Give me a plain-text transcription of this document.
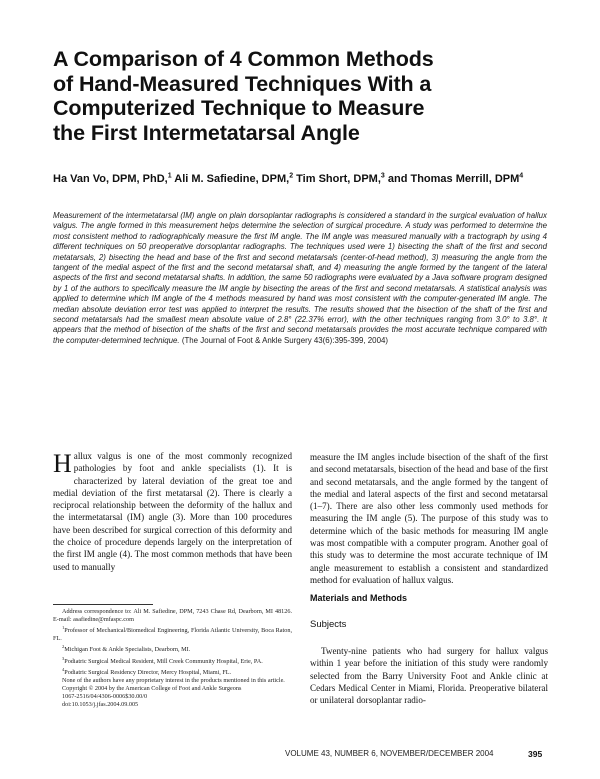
A Comparison of 4 Common Methods
of Hand-Measured Techniques With a
Computerized Technique to Measure
the First Intermetatarsal Angle
Ha Van Vo, DPM, PhD,$^1$ Ali M. Safiedine, DPM,$^2$ Tim Short, DPM,$^3$ and Thomas Merrill, DPM$^4$
Measurement of the intermetatarsal (IM) angle on plain dorsoplantar radiographs is considered a standard in the surgical evaluation of hallux valgus. The angle formed in this measurement helps determine the selection of surgical procedure. A study was performed to determine the most consistent method to radiographically measure the first IM angle. The IM angle was measured manually with a tractograph by using 4 different techniques on 50 preoperative dorsoplantar radiographs. The techniques used were 1) bisecting the shaft of the first and second metatarsals, 2) bisecting the head and base of the first and second metatarsals (center-of-head method), 3) measuring the angle from the tangent of the medial aspect of the first and the second metatarsal shaft, and 4) measuring the angle formed by the tangent of the lateral aspects of the first and second metatarsal shafts. In addition, the same 50 radiographs were evaluated by a Java software program designed by 1 of the authors to specifically measure the IM angle by bisecting the areas of the first and second metatarsals. A statistical analysis was applied to determine which IM angle of the 4 methods measured by hand was most consistent with the computer-generated IM angle. The median absolute deviation error test was applied to interpret the results. The results showed that the bisection of the shaft of the first and second metatarsals had the smallest mean absolute value of 2.8° (22.37% error), with the other techniques ranging from 3.0° to 3.8°. It appears that the method of bisection of the shafts of the first and second metatarsals provides the most accurate technique compared with the computer-determined technique. (The Journal of Foot & Ankle Surgery 43(6):395-399, 2004)
Hallux valgus is one of the most commonly recognized pathologies by foot and ankle specialists (1). It is characterized by lateral deviation of the great toe and medial deviation of the first metatarsal (2). There is clearly a reciprocal relationship between the deformity of the hallux and the intermetatarsal (IM) angle (3). More than 100 procedures have been described for surgical correction of this deformity and the choice of procedure depends largely on the interpretation of the first IM angle (4). The most common methods that have been used to manually

measure the IM angles include bisection of the shaft of the first and second metatarsals, bisection of the head and base of the first and second metatarsals, and the angle formed by the tangent of the medial and lateral aspects of the first and second metatarsal (1–7). There are also other less commonly used methods for measuring the IM angle (5). The purpose of this study was to determine which of the basic methods for measuring IM angle was most compatible with a computer program. Another goal of this study was to determine the most accurate technique of IM angle measurement to establish a consistent and standardized method for evaluation of hallux valgus.

Address correspondence to: Ali M. Safiedine, DPM, 7243 Chase Rd, Dearborn, MI 48126. E-mail: asafiedine@mfaspc.com

$^1$Professor of Mechanical/Biomedical Engineering, Florida Atlantic University, Boca Raton, FL.

$^2$Michigan Foot & Ankle Specialists, Dearborn, MI.

$^3$Podiatric Surgical Medical Resident, Mill Creek Community Hospital, Erie, PA.

$^4$Podiatric Surgical Residency Director, Mercy Hospital, Miami, FL.

None of the authors have any proprietary interest in the products mentioned in this article.

Copyright © 2004 by the American College of Foot and Ankle Surgeons

1067-2516/04/4306-0006$30.00/0

doi:10.1053/j.jfas.2004.09.005

Materials and Methods
Subjects
Twenty-nine patients who had surgery for hallux valgus within 1 year before the initiation of this study were randomly selected from the Barry University Foot and Ankle clinic at Cedars Medical Center in Miami, Florida. Preoperative bilateral or unilateral dorsoplantar radio-
VOLUME 43, NUMBER 6, NOVEMBER/DECEMBER 2004	395
